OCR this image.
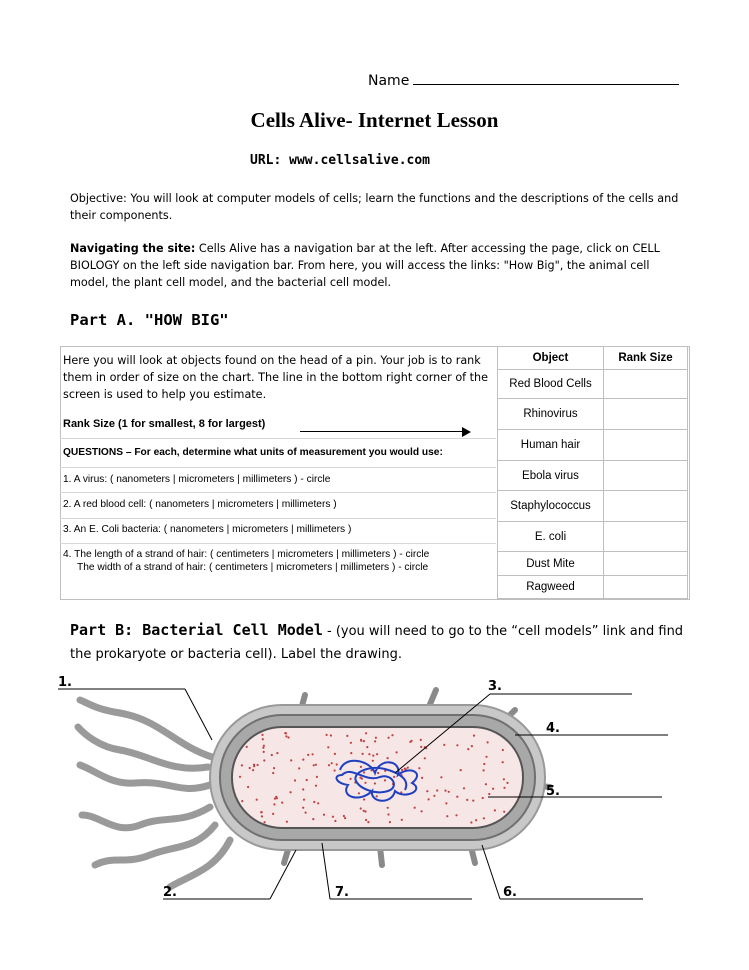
Name
Cells Alive- Internet Lesson
URL: www.cellsalive.com
Objective: You will look at computer models of cells; learn the functions and the descriptions of the cells and their components.
Navigating the site: Cells Alive has a navigation bar at the left. After accessing the page, click on CELL BIOLOGY on the left side navigation bar. From here, you will access the links: "How Big", the animal cell model, the plant cell model, and the bacterial cell model.
Part A. "HOW BIG"
Here you will look at objects found on the head of a pin. Your job is to rank them in order of size on the chart. The line in the bottom right corner of the screen is used to help you estimate.
Rank Size (1 for smallest, 8 for largest)
QUESTIONS – For each, determine what units of measurement you would use:
1. A virus: ( nanometers | micrometers | millimeters ) - circle
2. A red blood cell: ( nanometers | micrometers | millimeters )
3. An E. Coli bacteria: ( nanometers | micrometers | millimeters )
4. The length of a strand of hair: ( centimeters | micrometers | millimeters ) - circle
The width of a strand of hair: ( centimeters | micrometers | millimeters ) - circle
Object	Rank Size
Red Blood Cells	
Rhinovirus	
Human hair	
Ebola virus	
Staphylococcus	
E. coli	
Dust Mite	
Ragweed	
Part B: Bacterial Cell Model - (you will need to go to the “cell models” link and find the prokaryote or bacteria cell). Label the drawing.
1.	3.
4.
5.
2.	7.	6.
